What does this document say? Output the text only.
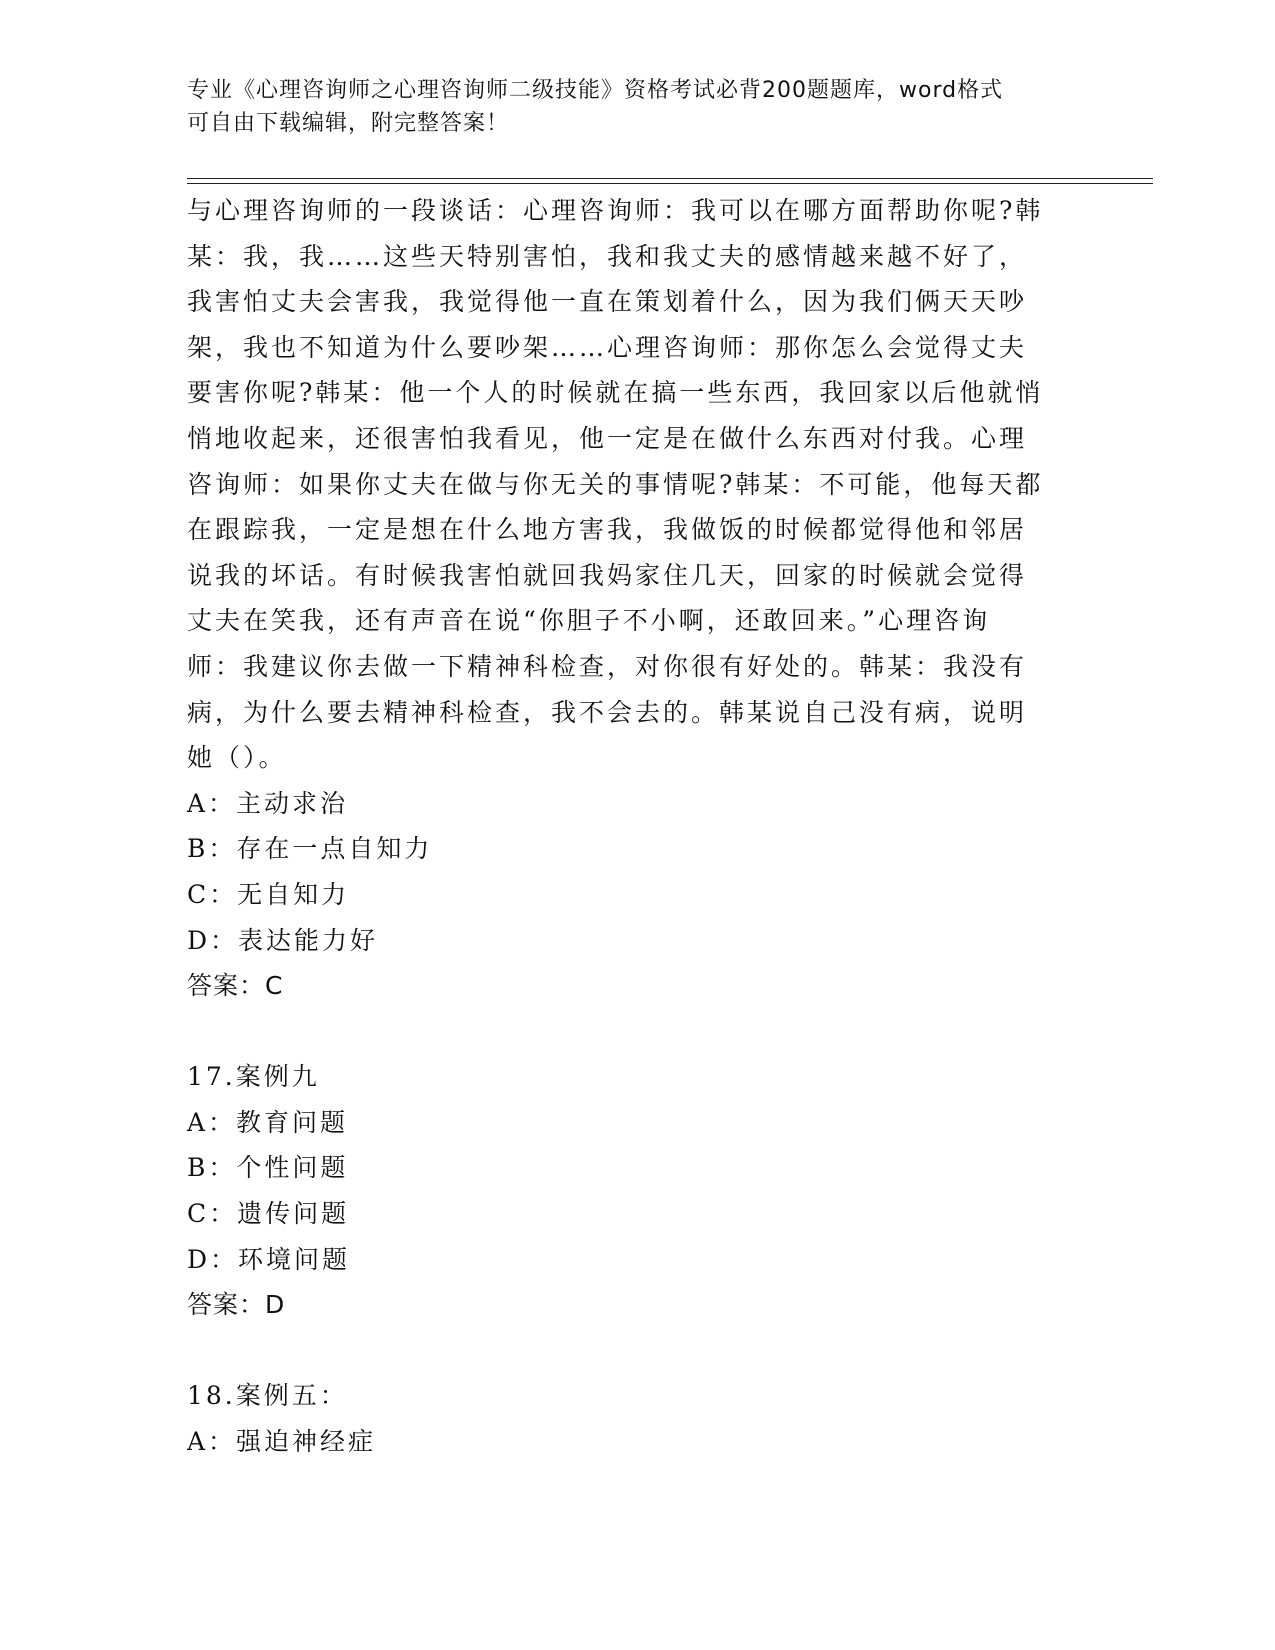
专业《心理咨询师之心理咨询师二级技能》资格考试必背200题题库，word格式
可自由下载编辑，附完整答案！
与心理咨询师的一段谈话：心理咨询师：我可以在哪方面帮助你呢?韩
某：我，我……这些天特别害怕，我和我丈夫的感情越来越不好了，
我害怕丈夫会害我，我觉得他一直在策划着什么，因为我们俩天天吵
架，我也不知道为什么要吵架……心理咨询师：那你怎么会觉得丈夫
要害你呢?韩某：他一个人的时候就在搞一些东西，我回家以后他就悄
悄地收起来，还很害怕我看见，他一定是在做什么东西对付我。心理
咨询师：如果你丈夫在做与你无关的事情呢?韩某：不可能，他每天都
在跟踪我，一定是想在什么地方害我，我做饭的时候都觉得他和邻居
说我的坏话。有时候我害怕就回我妈家住几天，回家的时候就会觉得
丈夫在笑我，还有声音在说“你胆子不小啊，还敢回来。”心理咨询
师：我建议你去做一下精神科检查，对你很有好处的。韩某：我没有
病，为什么要去精神科检查，我不会去的。韩某说自己没有病，说明
她（）。
A：主动求治
B：存在一点自知力
C：无自知力
D：表达能力好
答案：C
17.案例九
A：教育问题
B：个性问题
C：遗传问题
D：环境问题
答案：D
18.案例五：
A：强迫神经症
